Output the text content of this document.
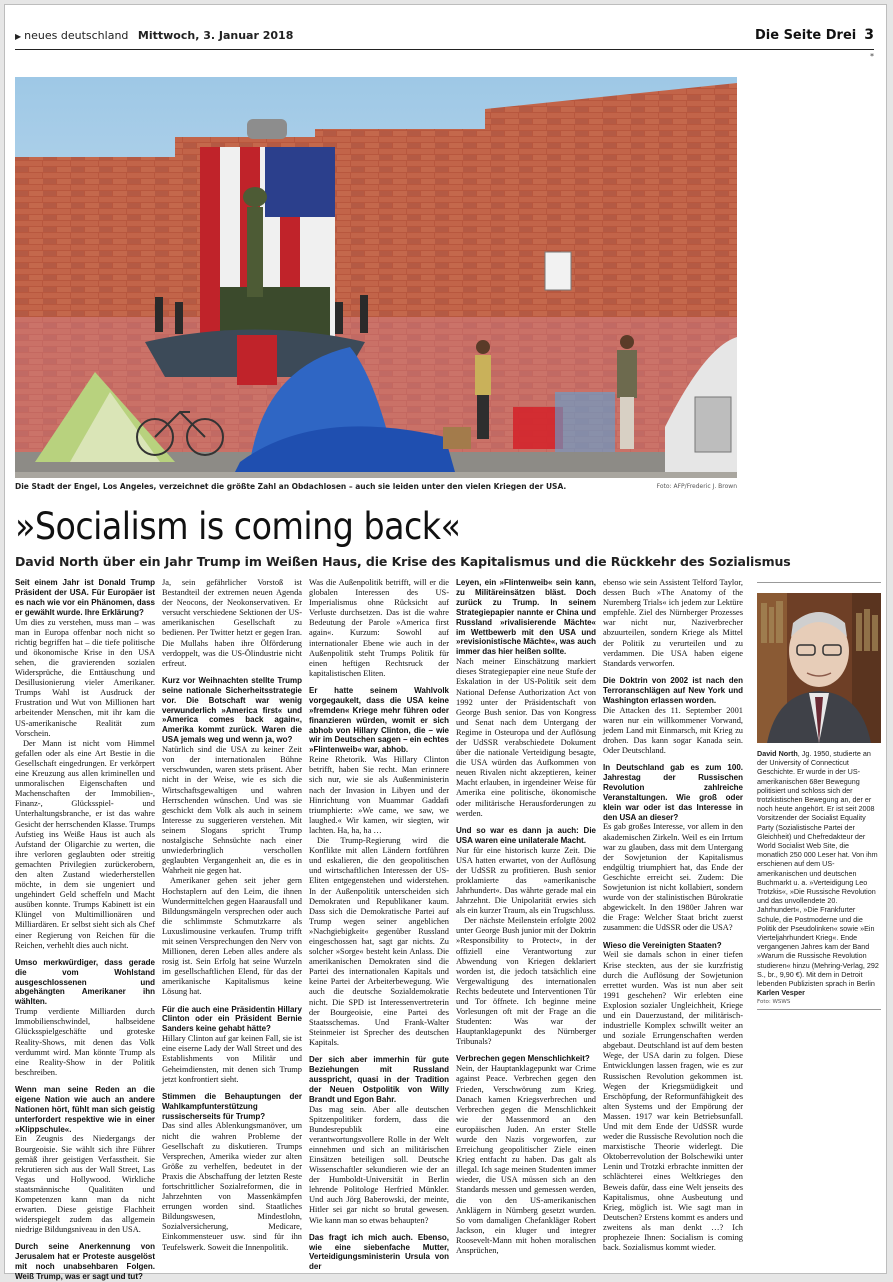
▶ neues deutschland Mittwoch, 3. Januar 2018	Die Seite Drei 3
*
Die Stadt der Engel, Los Angeles, verzeichnet die größte Zahl an Obdachlosen – auch sie leiden unter den vielen Kriegen der USA.	Foto: AFP/Frederic J. Brown
»Socialism is coming back«
David North über ein Jahr Trump im Weißen Haus, die Krise des Kapitalismus und die Rückkehr des Sozialismus

Seit einem Jahr ist Donald Trump Präsident der USA. Für Europäer ist es nach wie vor ein Phänomen, dass er gewählt wurde. Ihre Erklärung?

Um dies zu verstehen, muss man – was man in Europa offenbar noch nicht so richtig begriffen hat – die tiefe politische und ökonomische Krise in den USA sehen, die gravierenden sozialen Widersprüche, die Enttäuschung und Desillusionierung vieler Amerikaner. Trumps Wahl ist Ausdruck der Frustration und Wut von Millionen hart arbeitender Menschen, mit ihr kam die US-amerikanische Realität zum Vorschein.

Der Mann ist nicht vom Himmel gefallen oder als eine Art Bestie in die Gesellschaft eingedrungen. Er verkörpert eine Kreuzung aus allen kriminellen und unmoralischen Eigenschaften und Machenschaften der Immobilien-, Finanz-, Glücksspiel- und Unterhaltungsbranche, er ist das wahre Gesicht der herrschenden Klasse. Trumps Aufstieg ins Weiße Haus ist auch als Aufstand der Oligarchie zu werten, die ihre verloren geglaubten oder streitig gemachten Privilegien zurückerobern, den alten Zustand wiederherstellen möchte, in dem sie ungeniert und ungehindert Geld scheffeln und Macht ausüben konnte. Trumps Kabinett ist ein Klüngel von Multimillionären und Milliardären. Er selbst sieht sich als Chef einer Regierung von Reichen für die Reichen, verhehlt dies auch nicht.

Umso merkwürdiger, dass gerade die vom Wohlstand ausgeschlossenen und abgehängten Amerikaner ihn wählten.

Trump verdiente Milliarden durch Immobilienschwindel, halbseidene Glücksspielgeschäfte und groteske Reality-Shows, mit denen das Volk verdummt wird. Man könnte Trump als eine Reality-Show in der Politik beschreiben.

Wenn man seine Reden an die eigene Nation wie auch an andere Nationen hört, fühlt man sich geistig unterfordert respektive wie in einer »Klippschule«.

Ein Zeugnis des Niedergangs der Bourgeoisie. Sie wählt sich ihre Führer gemäß ihrer geistigen Verfasstheit. Sie rekrutieren sich aus der Wall Street, Las Vegas und Hollywood. Wirkliche staatsmännische Qualitäten und Kompetenzen kann man da nicht erwarten. Diese geistige Flachheit widerspiegelt zudem das allgemein niedrige Bildungsniveau in den USA.

Durch seine Anerkennung von Jerusalem hat er Proteste ausgelöst mit noch unabsehbaren Folgen. Weiß Trump, was er sagt und tut?

Ja, sein gefährlicher Vorstoß ist Bestandteil der extremen neuen Agenda der Neocons, der Neokonservativen. Er versucht verschiedene Sektionen der US-amerikanischen Gesellschaft zu bedienen. Per Twitter hetzt er gegen Iran. Die Mullahs haben ihre Ölförderung verdoppelt, was die US-Ölindustrie nicht erfreut.

Kurz vor Weihnachten stellte Trump seine nationale Sicherheitsstrategie vor. Die Botschaft war wenig verwunderlich »America first« und »America comes back again«, Amerika kommt zurück. Waren die USA jemals weg und wenn ja, wo?

Natürlich sind die USA zu keiner Zeit von der internationalen Bühne verschwunden, waren stets präsent. Aber nicht in der Weise, wie es sich die Wirtschaftsgewaltigen und wahren Herrschenden wünschen. Und was sie geschickt dem Volk als auch in seinem Interesse zu suggerieren verstehen. Mit seinem Slogans spricht Trump nostalgische Sehnsüchte nach einer unwiederbringlich verschollen geglaubten Vergangenheit an, die es in Wahrheit nie gegen hat.

Amerikaner gehen seit jeher gern Hochstaplern auf den Leim, die ihnen Wundermittelchen gegen Haarausfall und Bildungsmängeln versprechen oder auch die schlimmste Schmutzkarre als Luxuslimousine verkaufen. Trump trifft mit seinen Versprechungen den Nerv von Millionen, deren Leben alles andere als rosig ist. Sein Erfolg hat seine Wurzeln im gesellschaftlichen Elend, für das der amerikanische Kapitalismus keine Lösung hat.

Für die auch eine Präsidentin Hillary Clinton oder ein Präsident Bernie Sanders keine gehabt hätte?

Hillary Clinton auf gar keinen Fall, sie ist eine eiserne Lady der Wall Street und des Establishments von Militär und Geheimdiensten, mit denen sich Trump jetzt konfrontiert sieht.

Stimmen die Behauptungen der Wahlkampfunterstützung russischerseits für Trump?

Das sind alles Ablenkungsmanöver, um nicht die wahren Probleme der Gesellschaft zu diskutieren. Trumps Versprechen, Amerika wieder zur alten Größe zu verhelfen, bedeutet in der Praxis die Abschaffung der letzten Reste fortschrittlicher Sozialreformen, die in Jahrzehnten von Massenkämpfen errungen worden sind. Staatliches Bildungswesen, Mindestlohn, Sozialversicherung, Medicare, Einkommensteuer usw. sind für ihn Teufelswerk. Soweit die Innenpolitik.

Was die Außenpolitik betrifft, will er die globalen Interessen des US-Imperialismus ohne Rücksicht auf Verluste durchsetzen. Das ist die wahre Bedeutung der Parole »America first again«. Kurzum: Sowohl auf internationaler Ebene wie auch in der Außenpolitik steht Trumps Politik für einen heftigen Rechtsruck der kapitalistischen Eliten.

Er hatte seinem Wahlvolk vorgegaukelt, dass die USA keine »fremden« Kriege mehr führen oder finanzieren würden, womit er sich abhob von Hillary Clinton, die – wie wir im Deutschen sagen – ein echtes »Flintenweib« war, abhob.

Reine Rhetorik. Was Hillary Clinton betrifft, haben Sie recht. Man erinnere sich nur, wie sie als Außenministerin nach der Invasion in Libyen und der Hinrichtung von Muammar Gaddafi triumphierte: »We came, we saw, we laughed.« Wir kamen, wir siegten, wir lachten. Ha, ha, ha …

Die Trump-Regierung wird die Konflikte mit allen Ländern fortführen und eskalieren, die den geopolitischen und wirtschaftlichen Interessen der US-Eliten entgegenstehen und widerstehen. In der Außenpolitik unterscheiden sich Demokraten und Republikaner kaum. Dass sich die Demokratische Partei auf Trump wegen seiner angeblichen »Nachgiebigkeit« gegenüber Russland eingeschossen hat, sagt gar nichts. Zu solcher »Sorge« besteht kein Anlass. Die amerikanischen Demokraten sind die Partei des internationalen Kapitals und keine Partei der Arbeiterbewegung. Wie auch die deutsche Sozialdemokratie nicht. Die SPD ist Interessenvertreterin der Bourgeoisie, eine Partei des Staatsschemas. Und Frank-Walter Steinmeier ist Sprecher des deutschen Kapitals.

Der sich aber immerhin für gute Beziehungen mit Russland ausspricht, quasi in der Tradition der Neuen Ostpolitik von Willy Brandt und Egon Bahr.

Das mag sein. Aber alle deutschen Spitzenpolitiker fordern, dass die Bundesrepublik eine verantwortungsvollere Rolle in der Welt einnehmen und sich an militärischen Einsätzen beteiligen soll. Deutsche Wissenschaftler sekundieren wie der an der Humboldt-Universität in Berlin lehrende Politologe Herfried Münkler. Und auch Jörg Baberowski, der meinte, Hitler sei gar nicht so brutal gewesen. Wie kann man so etwas behaupten?

Das fragt ich mich auch. Ebenso, wie eine siebenfache Mutter, Verteidigungsministerin Ursula von der

Leyen, ein »Flintenweib« sein kann, zu Militäreinsätzen bläst. Doch zurück zu Trump. In seinem Strategiepapier nannte er China und Russland »rivalisierende Mächte« im Wettbewerb mit den USA und »revisionistische Mächte«, was auch immer das hier heißen sollte.

Nach meiner Einschätzung markiert dieses Strategiepapier eine neue Stufe der Eskalation in der US-Politik seit dem National Defense Authorization Act von 1992 unter der Präsidentschaft von George Bush senior. Das von Kongress und Senat nach dem Untergang der Regime in Osteuropa und der Auflösung der UdSSR verabschiedete Dokument über die nationale Verteidigung besagte, die USA würden das Aufkommen von neuen Rivalen nicht akzeptieren, keiner Macht erlauben, in irgendeiner Weise für Amerika eine politische, ökonomische oder militärische Herausforderungen zu werden.

Und so war es dann ja auch: Die USA waren eine unilaterale Macht.

Nur für eine historisch kurze Zeit. Die USA hatten erwartet, von der Auflösung der UdSSR zu profitieren. Bush senior proklamierte das »amerikanische Jahrhundert«. Das währte gerade mal ein Jahrzehnt. Die Unipolarität erwies sich als ein kurzer Traum, als ein Trugschluss.

Der nächste Meilenstein erfolgte 2002 unter George Bush junior mit der Doktrin »Responsibility to Protect«, in der offiziell eine Verantwortung zur Abwendung von Kriegen deklariert worden ist, die jedoch tatsächlich eine Vergewaltigung des internationalen Rechts bedeutete und Interventionen Tür und Tor öffnete. Ich beginne meine Vorlesungen oft mit der Frage an die Studenten: Was war der Hauptanklagepunkt des Nürnberger Tribunals?

Verbrechen gegen Menschlichkeit?

Nein, der Hauptanklagepunkt war Crime against Peace. Verbrechen gegen den Frieden, Verschwörung zum Krieg. Danach kamen Kriegsverbrechen und Verbrechen gegen die Menschlichkeit wie der Massenmord an den europäischen Juden. An erster Stelle wurde den Nazis vorgeworfen, zur Erreichung geopolitischer Ziele einen Krieg entfacht zu haben. Das galt als illegal. Ich sage meinen Studenten immer wieder, die USA müssen sich an den Standards messen und gemessen werden, die von den US-amerikanischen Anklägern in Nürnberg gesetzt wurden. So vom damaligen Chefankläger Robert Jackson, ein kluger und integrer Roosevelt-Mann mit hohen moralischen Ansprüchen,

ebenso wie sein Assistent Telford Taylor, dessen Buch »The Anatomy of the Nuremberg Trials« ich jedem zur Lektüre empfehle. Ziel des Nürnberger Prozesses war nicht nur, Naziverbrecher abzuurteilen, sondern Kriege als Mittel der Politik zu verurteilen und zu verdammen. Die USA haben eigene Standards verworfen.

Die Doktrin von 2002 ist nach den Terroranschlägen auf New York und Washington erlassen worden.

Die Attacken des 11. September 2001 waren nur ein willkommener Vorwand, jedem Land mit Einmarsch, mit Krieg zu drohen. Das kann sogar Kanada sein. Oder Deutschland.

In Deutschland gab es zum 100. Jahrestag der Russischen Revolution zahlreiche Veranstaltungen. Wie groß oder klein war oder ist das Interesse in den USA an dieser?

Es gab großes Interesse, vor allem in den akademischen Zirkeln. Weil es ein Irrtum war zu glauben, dass mit dem Untergang der Sowjetunion der Kapitalismus endgültig triumphiert hat, das Ende der Geschichte erreicht sei. Zudem: Die Sowjetunion ist nicht kollabiert, sondern wurde von der stalinistischen Bürokratie abgewickelt. In den 1980er Jahren war die Frage: Welcher Staat bricht zuerst zusammen: die UdSSR oder die USA?

Wieso die Vereinigten Staaten?

Weil sie damals schon in einer tiefen Krise steckten, aus der sie kurzfristig durch die Auflösung der Sowjetunion errettet wurden. Was ist nun aber seit 1991 geschehen? Wir erlebten eine Explosion sozialer Ungleichheit, Kriege und ein Dauerzustand, der militärisch-industrielle Komplex schwillt weiter an und soziale Errungenschaften werden abgebaut. Deutschland ist auf dem besten Wege, der USA darin zu folgen. Diese Entwicklungen lassen fragen, wie es zur Russischen Revolution gekommen ist. Wegen der Kriegsmüdigkeit und Erschöpfung, der Reformunfähigkeit des alten Systems und der Empörung der Massen. 1917 war kein Betriebsunfall. Und mit dem Ende der UdSSR wurde weder die Russische Revolution noch die marxistische Theorie widerlegt. Die Oktoberrevolution der Bolschewiki unter Lenin und Trotzki erbrachte inmitten der schlächterei eines Weltkrieges den Beweis dafür, dass eine Welt jenseits des Kapitalismus, ohne Ausbeutung und Krieg, möglich ist. Wie sagt man in Deutschen? Erstens kommt es anders und zweitens als man denkt …? Ich prophezeie Ihnen: Socialism is coming back. Sozialismus kommt wieder.

David North, Jg. 1950, studierte an der University of Connecticut Geschichte. Er wurde in der US-amerikanischen 68er Bewegung politisiert und schloss sich der trotzkistischen Bewegung an, der er noch heute angehört. Er ist seit 2008 Vorsitzender der Socialist Equality Party (Sozialistische Partei der Gleichheit) und Chefredakteur der World Socialist Web Site, die monatlich 250 000 Leser hat. Von ihm erschienen auf dem US-amerikanischen und deutschen Buchmarkt u. a. »Verteidigung Leo Trotzkis«, »Die Russische Revolution und das unvollendete 20. Jahrhundert«, »Die Frankfurter Schule, die Postmoderne und die Politik der Pseudolinken« sowie »Ein Vierteljahrhundert Krieg«. Ende vergangenen Jahres kam der Band »Warum die Russische Revolution studieren« hinzu (Mehring-Verlag, 292 S., br., 9,90 €). Mit dem in Detroit lebenden Publizisten sprach in Berlin Karlen Vesper
Foto: WSWS
